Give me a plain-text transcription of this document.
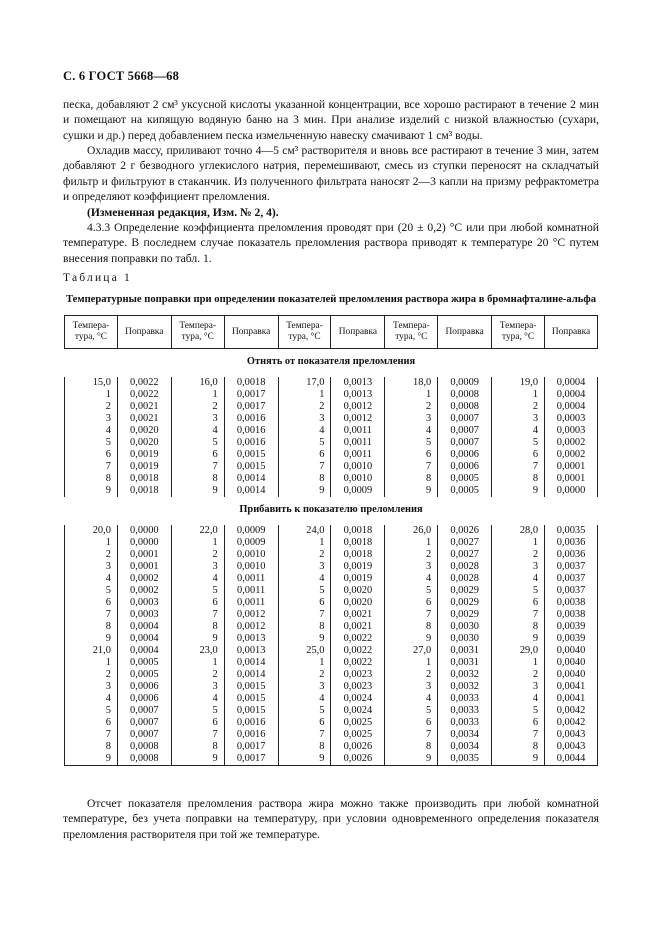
С. 6 ГОСТ 5668—68
песка, добавляют 2 см³ уксусной кислоты указанной концентрации, все хорошо растирают в течение 2 мин и помещают на кипящую водяную баню на 3 мин. При анализе изделий с низкой влажностью (сухари, сушки и др.) перед добавлением песка измельченную навеску смачивают 1 см³ воды.
Охладив массу, приливают точно 4—5 см³ растворителя и вновь все растирают в течение 3 мин, затем добавляют 2 г безводного углекислого натрия, перемешивают, смесь из ступки переносят на складчатый фильтр и фильтруют в стаканчик. Из полученного фильтрата наносят 2—3 капли на призму рефрактометра и определяют коэффициент преломления.
(Измененная редакция, Изм. № 2, 4).
4.3.3 Определение коэффициента преломления проводят при (20 ± 0,2) °С или при любой комнатной температуре. В последнем случае показатель преломления раствора приводят к температуре 20 °С путем внесения поправки по табл. 1.
Таблица 1
Температурные поправки при определении показателей преломления раствора жира в бромнафталине-альфа
Темпера-тура, °С	Поправка	Темпера-тура, °С	Поправка	Темпера-тура, °С	Поправка	Темпера-тура, °С	Поправка	Темпера-тура, °С	Поправка
Отнять от показателя преломления									

15,0	0,0022	16,0	0,0018	17,0	0,0013	18,0	0,0009	19,0	0,0004
1	0,0022	1	0,0017	1	0,0013	1	0,0008	1	0,0004
2	0,0021	2	0,0017	2	0,0012	2	0,0008	2	0,0004
3	0,0021	3	0,0016	3	0,0012	3	0,0007	3	0,0003
4	0,0020	4	0,0016	4	0,0011	4	0,0007	4	0,0003
5	0,0020	5	0,0016	5	0,0011	5	0,0007	5	0,0002
6	0,0019	6	0,0015	6	0,0011	6	0,0006	6	0,0002
7	0,0019	7	0,0015	7	0,0010	7	0,0006	7	0,0001
8	0,0018	8	0,0014	8	0,0010	8	0,0005	8	0,0001
9	0,0018	9	0,0014	9	0,0009	9	0,0005	9	0,0000
Прибавить к показателю преломления									

20,0	0,0000	22,0	0,0009	24,0	0,0018	26,0	0,0026	28,0	0,0035
1	0,0000	1	0,0009	1	0,0018	1	0,0027	1	0,0036
2	0,0001	2	0,0010	2	0,0018	2	0,0027	2	0,0036
3	0,0001	3	0,0010	3	0,0019	3	0,0028	3	0,0037
4	0,0002	4	0,0011	4	0,0019	4	0,0028	4	0,0037
5	0,0002	5	0,0011	5	0,0020	5	0,0029	5	0,0037
6	0,0003	6	0,0011	6	0,0020	6	0,0029	6	0,0038
7	0,0003	7	0,0012	7	0,0021	7	0,0029	7	0,0038
8	0,0004	8	0,0012	8	0,0021	8	0,0030	8	0,0039
9	0,0004	9	0,0013	9	0,0022	9	0,0030	9	0,0039
21,0	0,0004	23,0	0,0013	25,0	0,0022	27,0	0,0031	29,0	0,0040
1	0,0005	1	0,0014	1	0,0022	1	0,0031	1	0,0040
2	0,0005	2	0,0014	2	0,0023	2	0,0032	2	0,0040
3	0,0006	3	0,0015	3	0,0023	3	0,0032	3	0,0041
4	0,0006	4	0,0015	4	0,0024	4	0,0033	4	0,0041
5	0,0007	5	0,0015	5	0,0024	5	0,0033	5	0,0042
6	0,0007	6	0,0016	6	0,0025	6	0,0033	6	0,0042
7	0,0007	7	0,0016	7	0,0025	7	0,0034	7	0,0043
8	0,0008	8	0,0017	8	0,0026	8	0,0034	8	0,0043
9	0,0008	9	0,0017	9	0,0026	9	0,0035	9	0,0044
Отсчет показателя преломления раствора жира можно также производить при любой комнатной температуре, без учета поправки на температуру, при условии одновременного определения показателя преломления растворителя при той же температуре.
